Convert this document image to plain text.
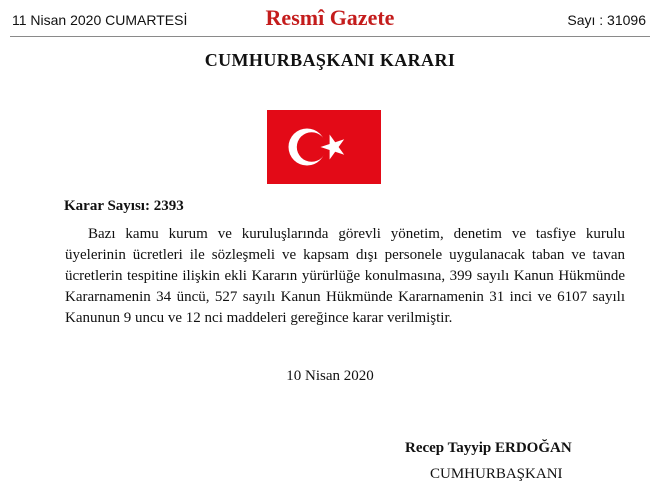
11 Nisan 2020 CUMARTESİ	Resmî Gazete	Sayı : 31096
CUMHURBAŞKANI KARARI
Karar Sayısı: 2393

Bazı kamu kurum ve kuruluşlarında görevli yönetim, denetim ve tasfiye kurulu üyelerinin ücretleri ile sözleşmeli ve kapsam dışı personele uygulanacak taban ve tavan ücretlerin tespitine ilişkin ekli Kararın yürürlüğe konulmasına, 399 sayılı Kanun Hükmünde Kararnamenin 34 üncü, 527 sayılı Kanun Hükmünde Kararnamenin 31 inci ve 6107 sayılı Kanunun 9 uncu ve 12 nci maddeleri gereğince karar verilmiştir.

10 Nisan 2020
Recep Tayyip ERDOĞAN
CUMHURBAŞKANI
